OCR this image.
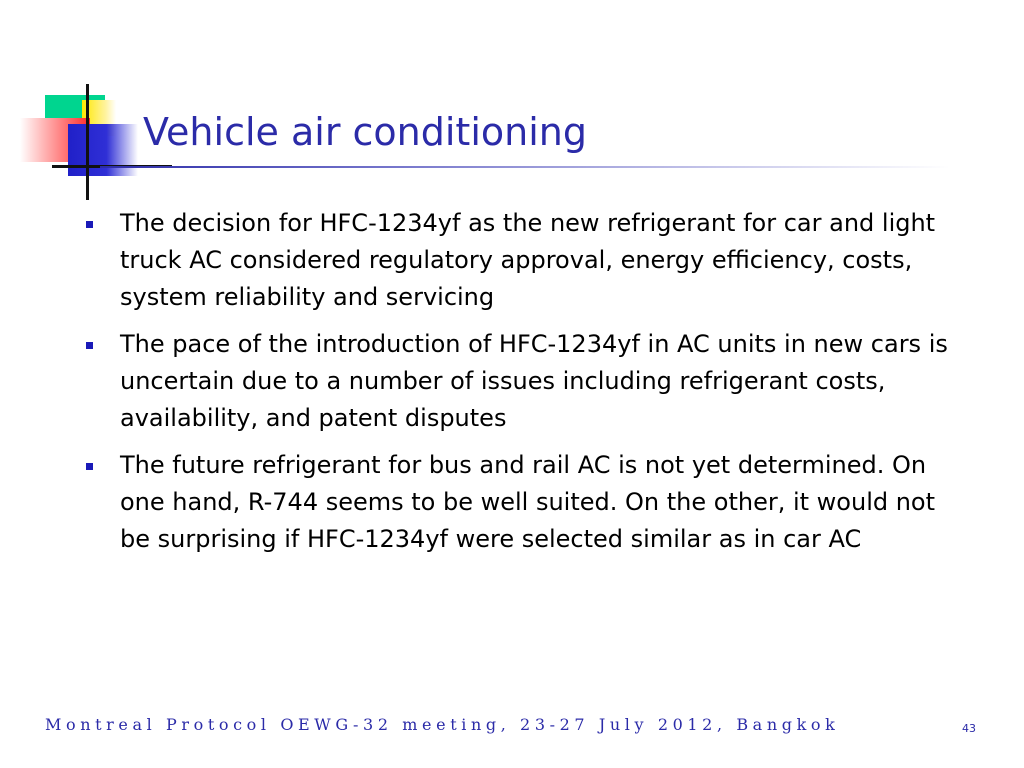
Vehicle air conditioning
The decision for HFC-1234yf as the new refrigerant for car and light truck AC considered regulatory approval, energy efficiency, costs, system reliability and servicing
The pace of the introduction of HFC-1234yf in AC units in new cars is uncertain due to a number of issues including refrigerant costs, availability, and patent disputes
The future refrigerant for bus and rail AC is not yet determined. On one hand, R-744 seems to be well suited. On the other, it would not be surprising if HFC-1234yf were selected similar as in car AC
Montreal Protocol OEWG-32 meeting, 23-27 July 2012, Bangkok	43
